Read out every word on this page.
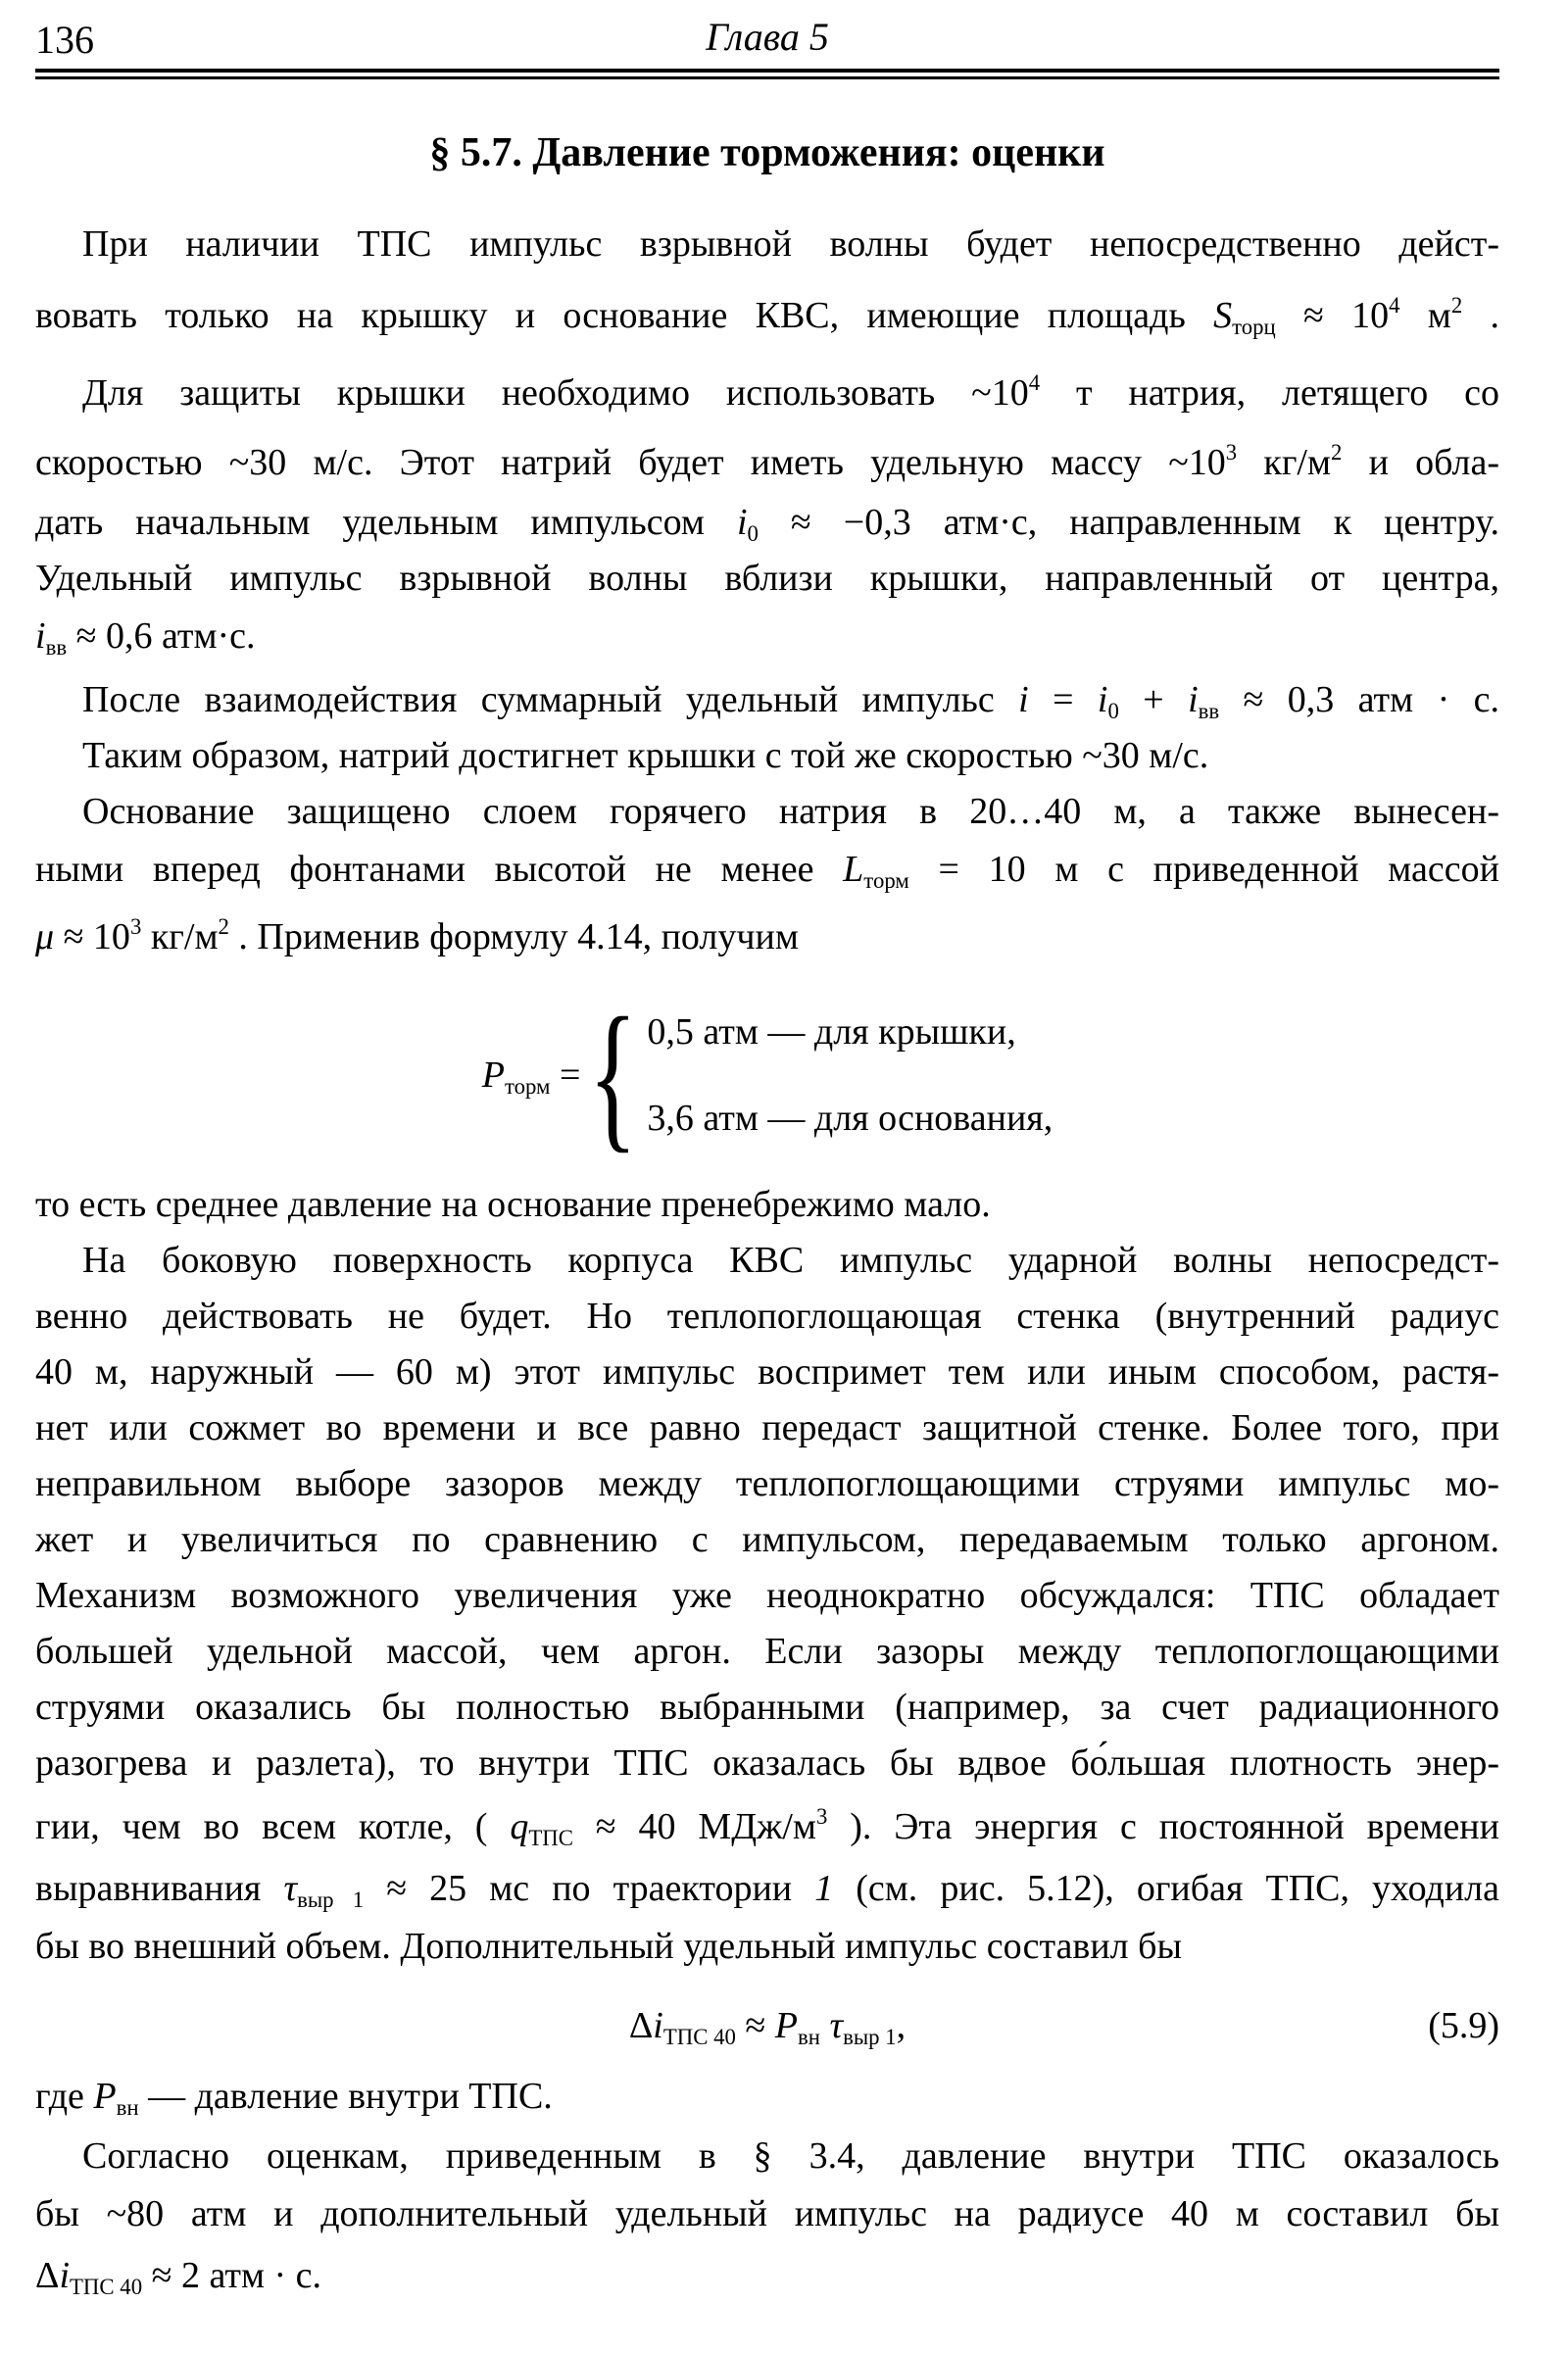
136	Глава 5
§ 5.7. Давление торможения: оценки
При наличии ТПС импульс взрывной волны будет непосредственно дейст-
вовать только на крышку и основание КВС, имеющие площадь $S_{торц} \approx 10^4$ $м^2$ .
Для защиты крышки необходимо использовать $\sim 10^4$ т натрия, летящего со
скоростью ~30 м/с. Этот натрий будет иметь удельную массу $\sim 10^3$ $кг/м^2$ и обла-
дать начальным удельным импульсом $i_0 \approx -0,3$ атм·с, направленным к центру.
Удельный импульс взрывной волны вблизи крышки, направленный от центра,
$i_{вв} \approx 0,6$ атм·с.
После взаимодействия суммарный удельный импульс $i = i_0 + i_{вв} \approx 0,3$ атм · с.
Таким образом, натрий достигнет крышки с той же скоростью ~30 м/с.
Основание защищено слоем горячего натрия в 20…40 м, а также вынесен-
ными вперед фонтанами высотой не менее $L_{торм} = 10$ м с приведенной массой
$\mu \approx 10^3$ $кг/м^2$ . Применив формулу 4.14, получим
$P_{торм}$ = { 0,5 атм — для крышки,
3,6 атм — для основания,
то есть среднее давление на основание пренебрежимо мало.
На боковую поверхность корпуса КВС импульс ударной волны непосредст-
венно действовать не будет. Но теплопоглощающая стенка (внутренний радиус
40 м, наружный — 60 м) этот импульс воспримет тем или иным способом, растя-
нет или сожмет во времени и все равно передаст защитной стенке. Более того, при
неправильном выборе зазоров между теплопоглощающими струями импульс мо-
жет и увеличиться по сравнению с импульсом, передаваемым только аргоном.
Механизм возможного увеличения уже неоднократно обсуждался: ТПС обладает
большей удельной массой, чем аргон. Если зазоры между теплопоглощающими
струями оказались бы полностью выбранными (например, за счет радиационного
разогрева и разлета), то внутри ТПС оказалась бы вдвое бо́льшая плотность энер-
гии, чем во всем котле, ( $q_{ТПС} \approx 40$ МДж/$м^3$ ). Эта энергия с постоянной времени
выравнивания $\tau_{выр 1} \approx 25$ мс по траектории 1 (см. рис. 5.12), огибая ТПС, уходила
бы во внешний объем. Дополнительный удельный импульс составил бы
$\Delta i_{ТПС 40} \approx P_{вн}$ $\tau_{выр 1}$,	(5.9)
где $P_{вн}$ — давление внутри ТПС.
Согласно оценкам, приведенным в § 3.4, давление внутри ТПС оказалось
бы ~80 атм и дополнительный удельный импульс на радиусе 40 м составил бы
$\Delta i_{ТПС 40} \approx 2$ атм · с.
